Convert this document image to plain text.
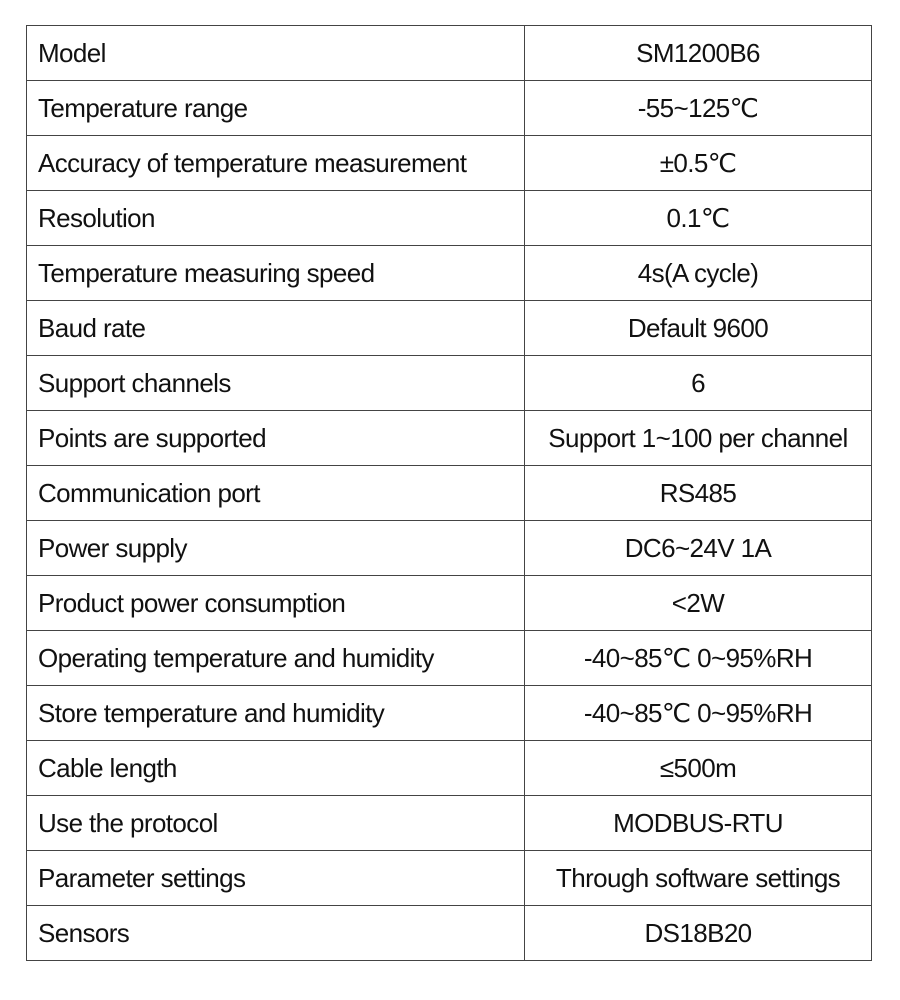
Model	SM1200B6
Temperature range	-55~125℃
Accuracy of temperature measurement	±0.5℃
Resolution	0.1℃
Temperature measuring speed	4s(A cycle)
Baud rate	Default 9600
Support channels	6
Points are supported	Support 1~100 per channel
Communication port	RS485
Power supply	DC6~24V 1A
Product power consumption	<2W
Operating temperature and humidity	-40~85℃ 0~95%RH
Store temperature and humidity	-40~85℃ 0~95%RH
Cable length	≤500m
Use the protocol	MODBUS-RTU
Parameter settings	Through software settings
Sensors	DS18B20
